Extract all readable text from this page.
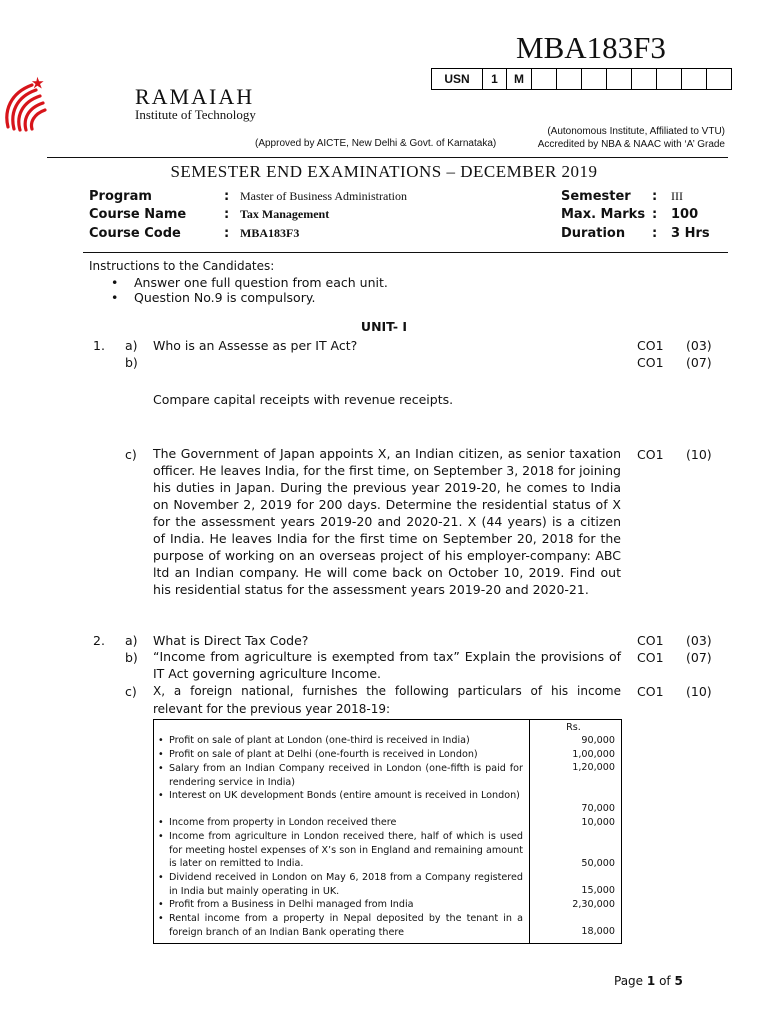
MBA183F3
USN	1	M
RAMAIAH
Institute of Technology
(Approved by AICTE, New Delhi & Govt. of Karnataka)
(Autonomous Institute, Affiliated to VTU)
Accredited by NBA & NAAC with ‘A’ Grade
SEMESTER END EXAMINATIONS – DECEMBER 2019
Program	: Master of Business Administration
Course Name	: Tax Management
Course Code	: MBA183F3
Semester : III
Max. Marks : 100
Duration : 3 Hrs
Instructions to the Candidates:
• Answer one full question from each unit.
• Question No.9 is compulsory.
UNIT- I
1. a) Who is an Assesse as per IT Act?	CO1 (03)
b)	CO1 (07)
Compare capital receipts with revenue receipts.
c) The Government of Japan appoints X, an Indian citizen, as senior taxation officer. He leaves India, for the first time, on September 3, 2018 for joining his duties in Japan. During the previous year 2019-20, he comes to India on November 2, 2019 for 200 days. Determine the residential status of X for the assessment years 2019-20 and 2020-21. X (44 years) is a citizen of India. He leaves India for the first time on September 20, 2018 for the purpose of working on an overseas project of his employer-company: ABC ltd an Indian company. He will come back on October 10, 2019. Find out his residential status for the assessment years 2019-20 and 2020-21.
CO1 (10)
2. a) What is Direct Tax Code?	CO1 (03)
b) “Income from agriculture is exempted from tax” Explain the provisions of IT Act governing agriculture Income.
CO1 (07)
c) X, a foreign national, furnishes the following particulars of his income relevant for the previous year 2018-19:
CO1 (10)
Rs.
• Profit on sale of plant at London (one-third is received in India)	90,000
• Profit on sale of plant at Delhi (one-fourth is received in London)	1,00,000
• Salary from an Indian Company received in London (one-fifth is paid for rendering service in India)
1,20,000
• Interest on UK development Bonds (entire amount is received in London)
70,000
• Income from property in London received there	10,000
• Income from agriculture in London received there, half of which is used for meeting hostel expenses of X’s son in England and remaining amount is later on remitted to India.	50,000
• Dividend received in London on May 6, 2018 from a Company registered in India but mainly operating in UK.	15,000
• Profit from a Business in Delhi managed from India	2,30,000
• Rental income from a property in Nepal deposited by the tenant in a foreign branch of an Indian Bank operating there	18,000
Page 1 of 5
